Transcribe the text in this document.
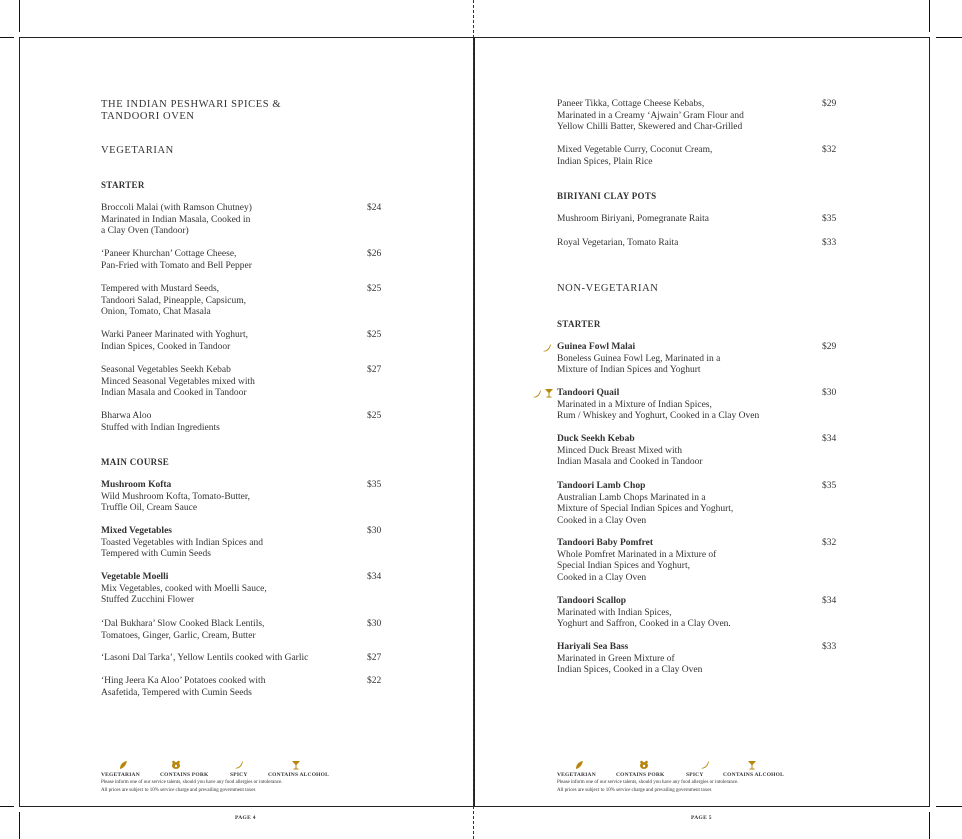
THE INDIAN PESHWARI SPICES &
TANDOORI OVEN
VEGETARIAN
STARTER
Broccoli Malai (with Ramson Chutney)
Marinated in Indian Masala, Cooked in
a Clay Oven (Tandoor)
$24
‘Paneer Khurchan’ Cottage Cheese,
Pan-Fried with Tomato and Bell Pepper
$26
Tempered with Mustard Seeds,
Tandoori Salad, Pineapple, Capsicum,
Onion, Tomato, Chat Masala
$25
Warki Paneer Marinated with Yoghurt,
Indian Spices, Cooked in Tandoor
$25
Seasonal Vegetables Seekh Kebab
Minced Seasonal Vegetables mixed with
Indian Masala and Cooked in Tandoor
$27
Bharwa Aloo
Stuffed with Indian Ingredients
$25
MAIN COURSE
Mushroom Kofta
Wild Mushroom Kofta, Tomato-Butter,
Truffle Oil, Cream Sauce
$35
Mixed Vegetables
Toasted Vegetables with Indian Spices and
Tempered with Cumin Seeds
$30
Vegetable Moelli
Mix Vegetables, cooked with Moelli Sauce,
Stuffed Zucchini Flower
$34
‘Dal Bukhara’ Slow Cooked Black Lentils,
Tomatoes, Ginger, Garlic, Cream, Butter
$30
‘Lasoni Dal Tarka’, Yellow Lentils cooked with Garlic	$27
‘Hing Jeera Ka Aloo’ Potatoes cooked with
Asafetida, Tempered with Cumin Seeds
$22
VEGETARIAN	CONTAINS PORK	SPICY	CONTAINS ALCOHOL
Please inform one of our service talents, should you have any food allergies or intolerance.
All prices are subject to 10% service charge and prevailing government taxes
PAGE 4
Paneer Tikka, Cottage Cheese Kebabs,
Marinated in a Creamy ‘Ajwain’ Gram Flour and
Yellow Chilli Batter, Skewered and Char-Grilled
$29
Mixed Vegetable Curry, Coconut Cream,
Indian Spices, Plain Rice
$32
BIRIYANI CLAY POTS
Mushroom Biriyani, Pomegranate Raita	$35
Royal Vegetarian, Tomato Raita	$33
NON-VEGETARIAN
STARTER
Guinea Fowl Malai
Boneless Guinea Fowl Leg, Marinated in a
Mixture of Indian Spices and Yoghurt
$29
Tandoori Quail
Marinated in a Mixture of Indian Spices,
Rum / Whiskey and Yoghurt, Cooked in a Clay Oven
$30
Duck Seekh Kebab
Minced Duck Breast Mixed with
Indian Masala and Cooked in Tandoor
$34
Tandoori Lamb Chop
Australian Lamb Chops Marinated in a
Mixture of Special Indian Spices and Yoghurt,
Cooked in a Clay Oven
$35
Tandoori Baby Pomfret
Whole Pomfret Marinated in a Mixture of
Special Indian Spices and Yoghurt,
Cooked in a Clay Oven
$32
Tandoori Scallop
Marinated with Indian Spices,
Yoghurt and Saffron, Cooked in a Clay Oven.
$34
Hariyali Sea Bass
Marinated in Green Mixture of
Indian Spices, Cooked in a Clay Oven
$33
VEGETARIAN	CONTAINS PORK	SPICY	CONTAINS ALCOHOL
Please inform one of our service talents, should you have any food allergies or intolerance.
All prices are subject to 10% service charge and prevailing government taxes
PAGE 5
